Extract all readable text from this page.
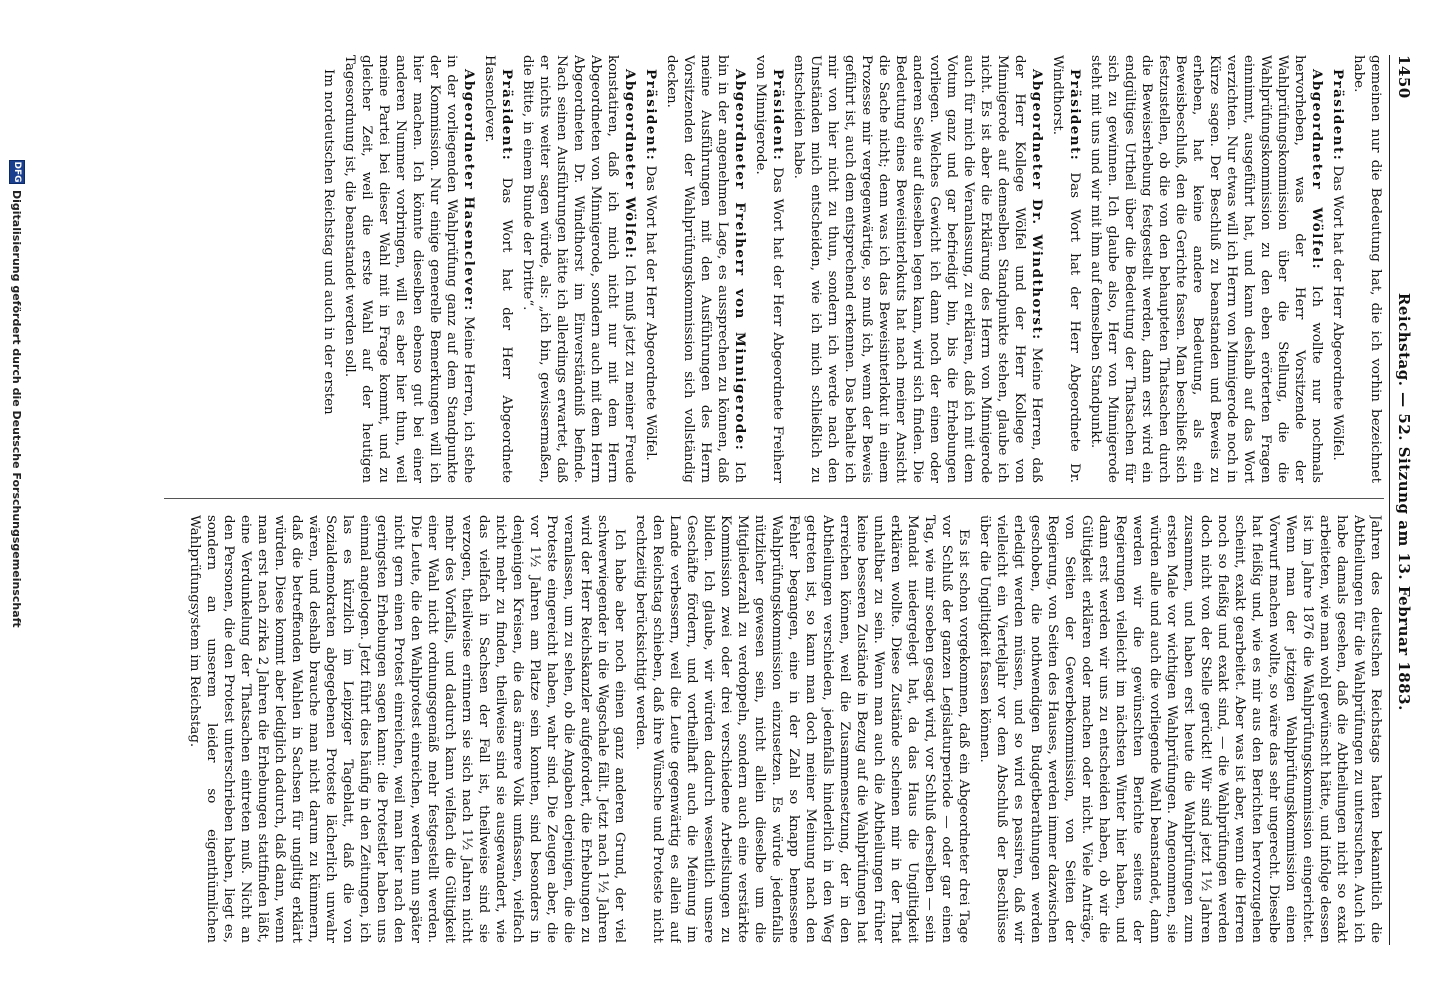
1450
Reichstag. — 52. Sitzung am 13. Februar 1883.

gemeinen nur die Bedeutung hat, die ich vorhin bezeichnet habe.

Präsident: Das Wort hat der Herr Abgeordnete Wölfel.

Abgeordneter Wölfel: Ich wollte nur nochmals hervorheben, was der Herr Vorsitzende der Wahlprüfungskommission über die Stellung, die die Wahlprüfungskommission zu den eben erörterten Fragen einnimmt, ausgeführt hat, und kann deshalb auf das Wort verzichten. Nur etwas will ich Herrn von Minnigerode noch in Kürze sagen. Der Beschluß zu beanstanden und Beweis zu erheben, hat keine andere Bedeutung, als ein Beweisbeschluß, den die Gerichte fassen. Man beschließt sich festzustellen, ob die von den behaupteten Thatsachen durch die Beweiserhebung festgestellt werden, dann erst wird ein endgültiges Urtheil über die Bedeutung der Thatsachen für sich zu gewinnen. Ich glaube also, Herr von Minnigerode steht mit uns und wir mit ihm auf demselben Standpunkt.

Präsident: Das Wort hat der Herr Abgeordnete Dr. Windthorst.

Abgeordneter Dr. Windthorst: Meine Herren, daß der Herr Kollege Wölfel und der Herr Kollege von Minnigerode auf demselben Standpunkte stehen, glaube ich nicht. Es ist aber die Erklärung des Herrn von Minnigerode auch für mich die Veranlassung, zu erklären, daß ich mit dem Votum ganz und gar befriedigt bin, bis die Erhebungen vorliegen. Welches Gewicht ich dann noch der einen oder anderen Seite auf dieselben legen kann, wird sich finden. Die Bedeutung eines Beweisinterlokuts hat nach meiner Ansicht die Sache nicht; denn was ich das Beweisinterlokut in einem Prozesse mir vergegenwärtige, so muß ich, wenn der Beweis geführt ist, auch dem entsprechend erkennen. Das behalte ich mir von hier nicht zu thun, sondern ich werde nach den Umständen mich entscheiden, wie ich mich schließlich zu entscheiden habe.

Präsident: Das Wort hat der Herr Abgeordnete Freiherr von Minnigerode.

Abgeordneter Freiherr von Minnigerode: Ich bin in der angenehmen Lage, es aussprechen zu können, daß meine Ausführungen mit den Ausführungen des Herrn Vorsitzenden der Wahlprüfungskommission sich vollständig decken.

Präsident: Das Wort hat der Herr Abgeordnete Wölfel.

Abgeordneter Wölfel: Ich muß jetzt zu meiner Freude konstatiren, daß ich mich nicht nur mit dem Herrn Abgeordneten von Minnigerode, sondern auch mit dem Herrn Abgeordneten Dr. Windthorst im Einverständniß befinde. Nach seinen Ausführungen hätte ich allerdings erwartet, daß er nichts weiter sagen würde, als: „ich bin, gewissermaßen, die Bitte, in einem Bunde der Dritte“.

Präsident: Das Wort hat der Herr Abgeordnete Hasenclever.

Abgeordneter Hasenclever: Meine Herren, ich stehe in der vorliegenden Wahlprüfung ganz auf dem Standpunkte der Kommission. Nur einige generelle Bemerkungen will ich hier machen. Ich könnte dieselben ebenso gut bei einer anderen Nummer vorbringen, will es aber hier thun, weil meine Partei bei dieser Wahl mit in Frage kommt, und zu gleicher Zeit, weil die erste Wahl auf der heutigen Tagesordnung ist, die beanstandet werden soll.

Im nordeutschen Reichstag und auch in der ersten

Jahren des deutschen Reichstags hatten bekanntlich die Abtheilungen für die Wahlprüfungen zu untersuchen. Auch ich habe damals gesehen, daß die Abtheilungen nicht so exakt arbeiteten, wie man wohl gewünscht hätte, und infolge dessen ist im Jahre 1876 die Wahlprüfungskommission eingerichtet. Wenn man der jetzigen Wahlprüfungskommission einen Vorwurf machen wollte, so wäre das sehr ungerecht. Dieselbe hat fleißig und, wie es mir aus den Berichten hervorzugehen scheint, exakt gearbeitet. Aber was ist aber, wenn die Herren noch so fleißig und exakt sind, — die Wahlprüfungen werden doch nicht von der Stelle gerückt! Wir sind jetzt 1½ Jahren zusammen, und haben erst heute die Wahlprüfungen zum ersten Male vor wichtigen Wahlprüfungen. Angenommen, sie würden alle und auch die vorliegende Wahl beanstandet, dann werden wir die gewünschten Berichte seitens der Regierungen vielleicht im nächsten Winter hier haben, und dann erst werden wir uns zu entscheiden haben, ob wir die Gültigkeit erklären oder machen oder nicht. Viele Anträge, von Seiten der Gewerbekommission, von Seiten der Regierung, von Seiten des Hauses, werden immer dazwischen geschoben, die nothwendigen Budgetberathungen werden erledigt werden müssen, und so wird es passiren, daß wir vielleicht ein Vierteljahr vor dem Abschluß der Beschlüsse über die Ungiltigkeit fassen können.

Es ist schon vorgekommen, daß ein Abgeordneter drei Tage vor Schluß der ganzen Legislaturperiode — oder gar einen Tag, wie mir soeben gesagt wird, vor Schluß derselben — sein Mandat niedergelegt hat, da das Haus die Ungiltigkeit erklären wollte. Diese Zustände scheinen mir in der That unhaltbar zu sein. Wenn man auch die Abtheilungen früher keine besseren Zustände in Bezug auf die Wahlprüfungen hat erreichen können, weil die Zusammensetzung, der in den Abtheilungen verschieden, jedenfalls hinderlich in den Weg getreten ist, so kann man doch meiner Meinung nach den Fehler begangen, eine in der Zahl so knapp bemessene Wahlprüfungskommission einzusetzen. Es würde jedenfalls nützlicher gewesen sein, nicht allein dieselbe um die Mitgliederzahl zu verdoppeln, sondern auch eine verstärkte Kommission zwei oder drei verschiedene Arbeitslungen zu bilden. Ich glaube, wir würden dadurch wesentlich unsere Geschäfte fördern, und vortheilhaft auch die Meinung im Lande verbessern, weil die Leute gegenwärtig es allein auf den Reichstag schieben, daß ihre Wünsche und Proteste nicht rechtzeitig berücksichtigt werden.

Ich habe aber noch einen ganz anderen Grund, der viel schwerwiegender in die Wagschale fällt. Jetzt nach 1½ Jahren wird der Herr Reichskanzler aufgefordert, die Erhebungen zu veranlassen, um zu sehen, ob die Angaben derjenigen, die die Proteste eingereicht haben, wahr sind. Die Zeugen aber, die vor 1½ Jahren am Platze sein konnten, sind besonders in denjenigen Kreisen, die das ärmere Volk umfassen, vielfach nicht mehr zu finden, theilweise sind sie ausgewandert, wie das vielfach in Sachsen der Fall ist, theilweise sind sie verzogen, theilweise erinnern sie sich nach 1½ Jahren nicht mehr des Vorfalls, und dadurch kann vielfach die Gültigkeit einer Wahl nicht ordnungsgemäß mehr festgestellt werden. Die Leute, die den Wahlprotest einreichen, werden nun später nicht gern einen Protest einreichen, weil man hier nach den geringsten Erhebungen sagen kann: die Protestler haben uns einmal angelogen. Jetzt führt dies häufig in den Zeitungen, ich las es kürzlich im Leipziger Tageblatt, daß die von Sozialdemokraten abgegebenen Proteste lächerlich unwahr wären, und deshalb brauche man nicht darum zu kümmern, daß die betreffenden Wahlen in Sachsen für ungiltig erklärt würden. Diese kommt aber lediglich dadurch, daß dann, wenn man erst nach zirka 2 Jahren die Erhebungen stattfinden läßt, eine Verdunkelung der Thatsachen eintreten muß. Nicht an den Personen, die den Protest unterschrieben haben, liegt es, sondern an unserem leider so eigenthümlichen Wahlprüfungsystem im Reichstag.

DFG
Digitalisierung gefördert durch die Deutsche Forschungsgemeinschaft
